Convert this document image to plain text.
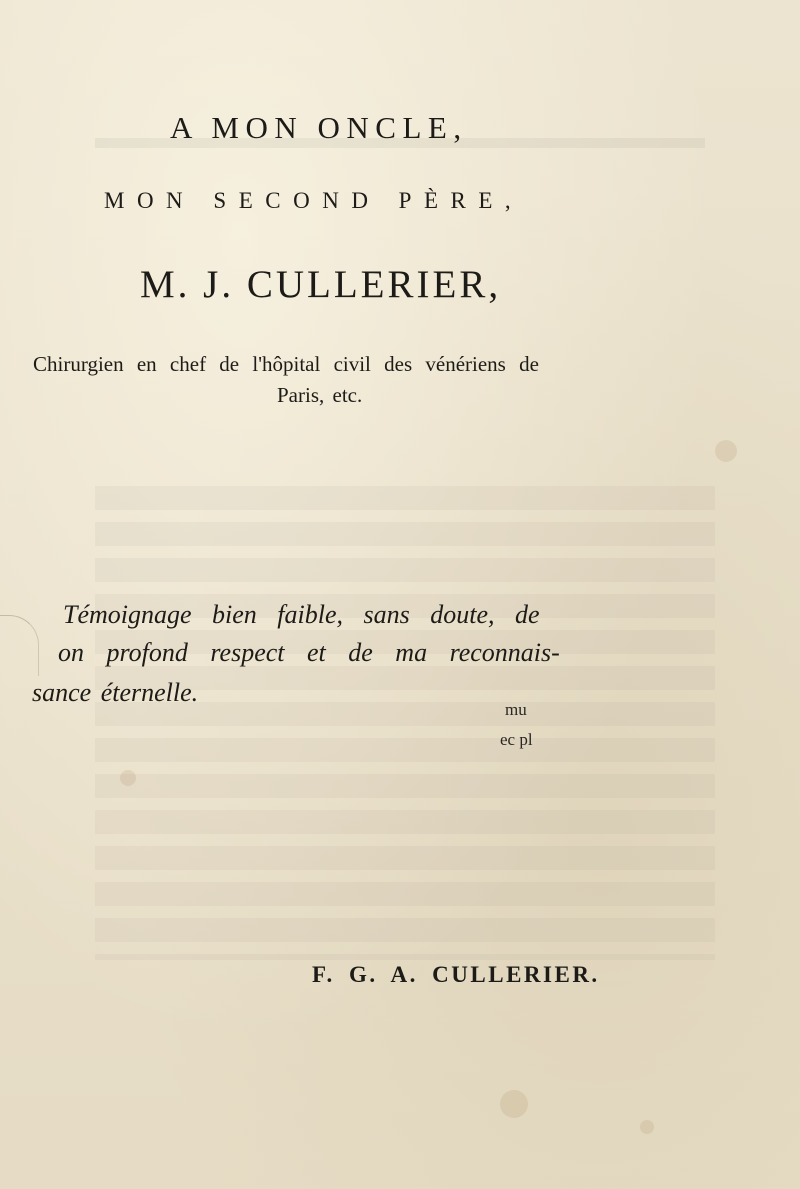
A MON ONCLE,
MON SECOND PÈRE,
M. J. CULLERIER,
Chirurgien en chef de l'hôpital civil des vénériens de
Paris, etc.
Témoignage bien faible, sans doute, de
on profond respect et de ma reconnais-
sance éternelle.
mu
ec pl
F. G. A. CULLERIER.
